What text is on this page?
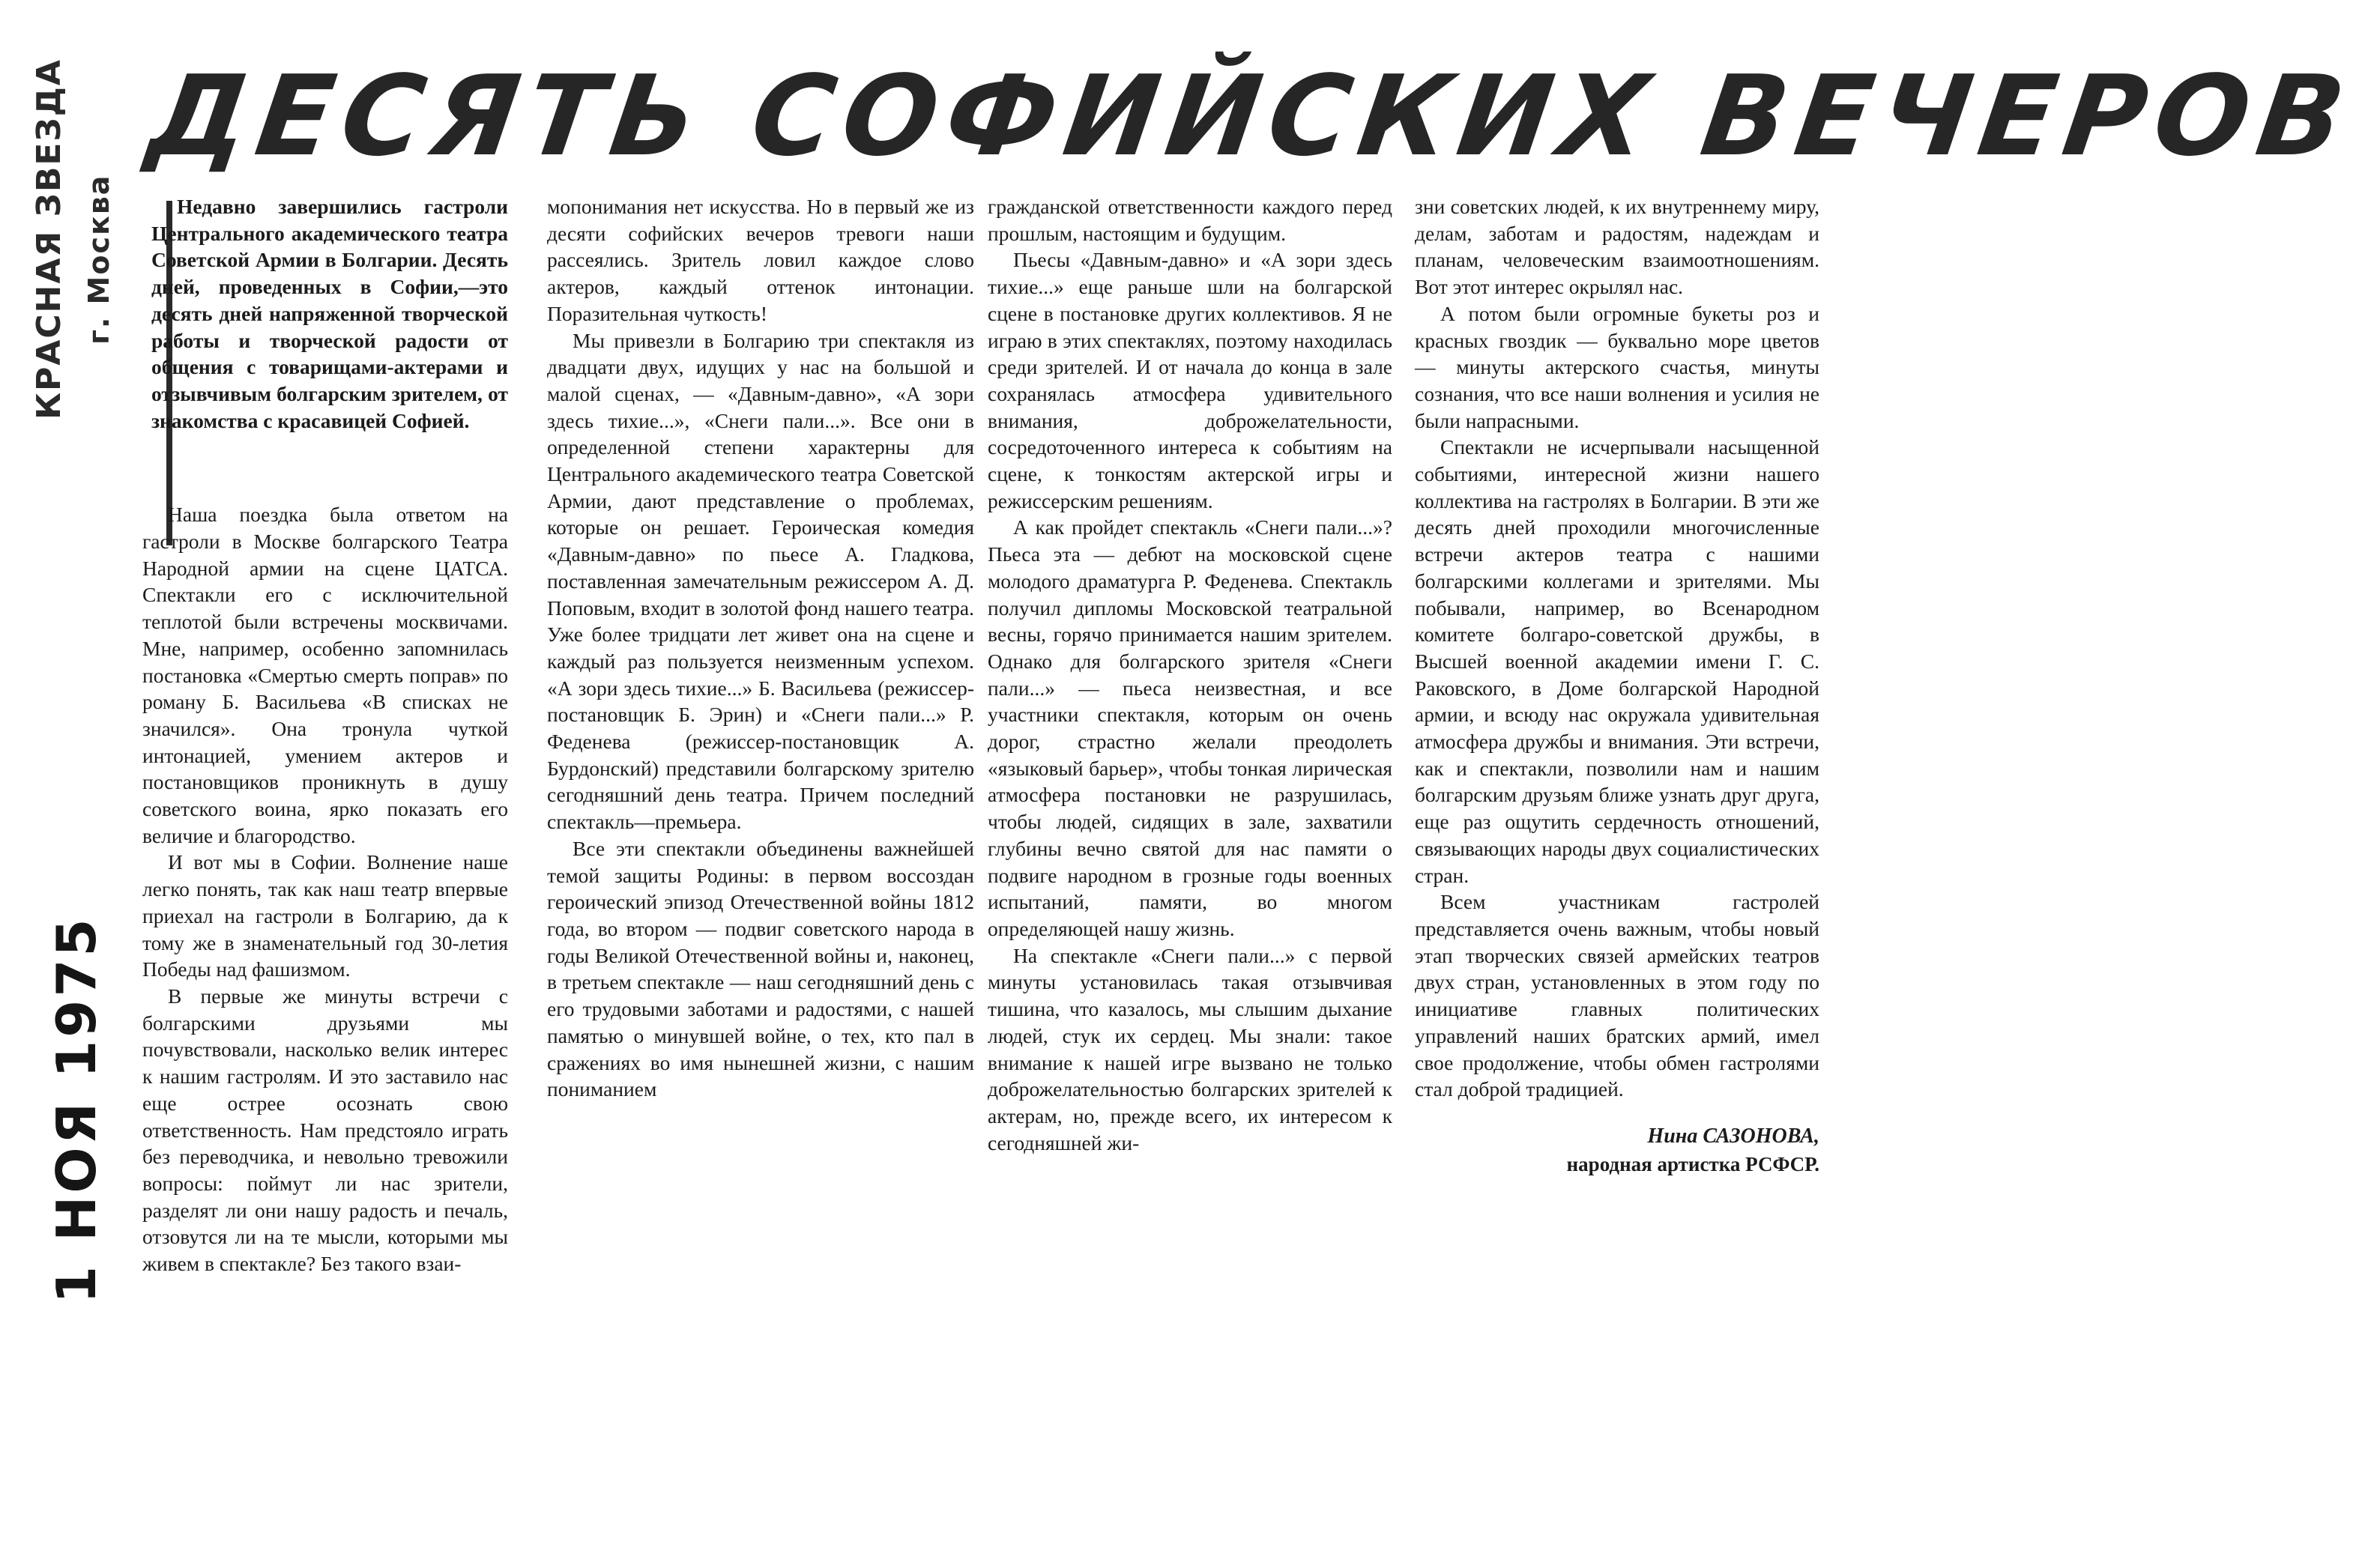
ДЕСЯТЬ СОФИЙСКИХ ВЕЧЕРОВ
КРАСНАЯ ЗВЕЗДА г. Москва
1 НОЯ 1975

Недавно завершились гастроли Центрального академического театра Советской Армии в Болгарии. Десять дней, проведенных в Софии,—это десять дней напряженной творческой работы и творческой радости от общения с товарищами-актерами и отзывчивым болгарским зрителем, от знакомства с красавицей Софией.

Наша поездка была ответом на гастроли в Москве болгарского Театра Народной армии на сцене ЦАТСА. Спектакли его с исключительной теплотой были встречены москвичами. Мне, например, особенно запомнилась постановка «Смертью смерть поправ» по роману Б. Васильева «В списках не значился». Она тронула чуткой интонацией, умением актеров и постановщиков проникнуть в душу советского воина, ярко показать его величие и благородство.

И вот мы в Софии. Волнение наше легко понять, так как наш театр впервые приехал на гастроли в Болгарию, да к тому же в знаменательный год 30-летия Победы над фашизмом.

В первые же минуты встречи с болгарскими друзьями мы почувствовали, насколько велик интерес к нашим гастролям. И это заставило нас еще острее осознать свою ответственность. Нам предстояло играть без переводчика, и невольно тревожили вопросы: поймут ли нас зрители, разделят ли они нашу радость и печаль, отзовутся ли на те мысли, которыми мы живем в спектакле? Без такого взаи-

мопонимания нет искусства. Но в первый же из десяти софийских вечеров тревоги наши рассеялись. Зритель ловил каждое слово актеров, каждый оттенок интонации. Поразительная чуткость!

Мы привезли в Болгарию три спектакля из двадцати двух, идущих у нас на большой и малой сценах, — «Давным-давно», «А зори здесь тихие...», «Снеги пали...». Все они в определенной степени характерны для Центрального академического театра Советской Армии, дают представление о проблемах, которые он решает. Героическая комедия «Давным-давно» по пьесе А. Гладкова, поставленная замечательным режиссером А. Д. Поповым, входит в золотой фонд нашего театра. Уже более тридцати лет живет она на сцене и каждый раз пользуется неизменным успехом. «А зори здесь тихие...» Б. Васильева (режиссер-постановщик Б. Эрин) и «Снеги пали...» Р. Феденева (режиссер-постановщик А. Бурдонский) представили болгарскому зрителю сегодняшний день театра. Причем последний спектакль—премьера.

Все эти спектакли объединены важнейшей темой защиты Родины: в первом воссоздан героический эпизод Отечественной войны 1812 года, во втором — подвиг советского народа в годы Великой Отечественной войны и, наконец, в третьем спектакле — наш сегодняшний день с его трудовыми заботами и радостями, с нашей памятью о минувшей войне, о тех, кто пал в сражениях во имя нынешней жизни, с нашим пониманием

гражданской ответственности каждого перед прошлым, настоящим и будущим.

Пьесы «Давным-давно» и «А зори здесь тихие...» еще раньше шли на болгарской сцене в постановке других коллективов. Я не играю в этих спектаклях, поэтому находилась среди зрителей. И от начала до конца в зале сохранялась атмосфера удивительного внимания, доброжелательности, сосредоточенного интереса к событиям на сцене, к тонкостям актерской игры и режиссерским решениям.

А как пройдет спектакль «Снеги пали...»? Пьеса эта — дебют на московской сцене молодого драматурга Р. Феденева. Спектакль получил дипломы Московской театральной весны, горячо принимается нашим зрителем. Однако для болгарского зрителя «Снеги пали...» — пьеса неизвестная, и все участники спектакля, которым он очень дорог, страстно желали преодолеть «языковый барьер», чтобы тонкая лирическая атмосфера постановки не разрушилась, чтобы людей, сидящих в зале, захватили глубины вечно святой для нас памяти о подвиге народном в грозные годы военных испытаний, памяти, во многом определяющей нашу жизнь.

На спектакле «Снеги пали...» с первой минуты установилась такая отзывчивая тишина, что казалось, мы слышим дыхание людей, стук их сердец. Мы знали: такое внимание к нашей игре вызвано не только доброжелательностью болгарских зрителей к актерам, но, прежде всего, их интересом к сегодняшней жи-

зни советских людей, к их внутреннему миру, делам, заботам и радостям, надеждам и планам, человеческим взаимоотношениям. Вот этот интерес окрылял нас.

А потом были огромные букеты роз и красных гвоздик — буквально море цветов — минуты актерского счастья, минуты сознания, что все наши волнения и усилия не были напрасными.

Спектакли не исчерпывали насыщенной событиями, интересной жизни нашего коллектива на гастролях в Болгарии. В эти же десять дней проходили многочисленные встречи актеров театра с нашими болгарскими коллегами и зрителями. Мы побывали, например, во Всенародном комитете болгаро-советской дружбы, в Высшей военной академии имени Г. С. Раковского, в Доме болгарской Народной армии, и всюду нас окружала удивительная атмосфера дружбы и внимания. Эти встречи, как и спектакли, позволили нам и нашим болгарским друзьям ближе узнать друг друга, еще раз ощутить сердечность отношений, связывающих народы двух социалистических стран.

Всем участникам гастролей представляется очень важным, чтобы новый этап творческих связей армейских театров двух стран, установленных в этом году по инициативе главных политических управлений наших братских армий, имел свое продолжение, чтобы обмен гастролями стал доброй традицией.

Нина САЗОНОВА,
народная артистка РСФСР.
